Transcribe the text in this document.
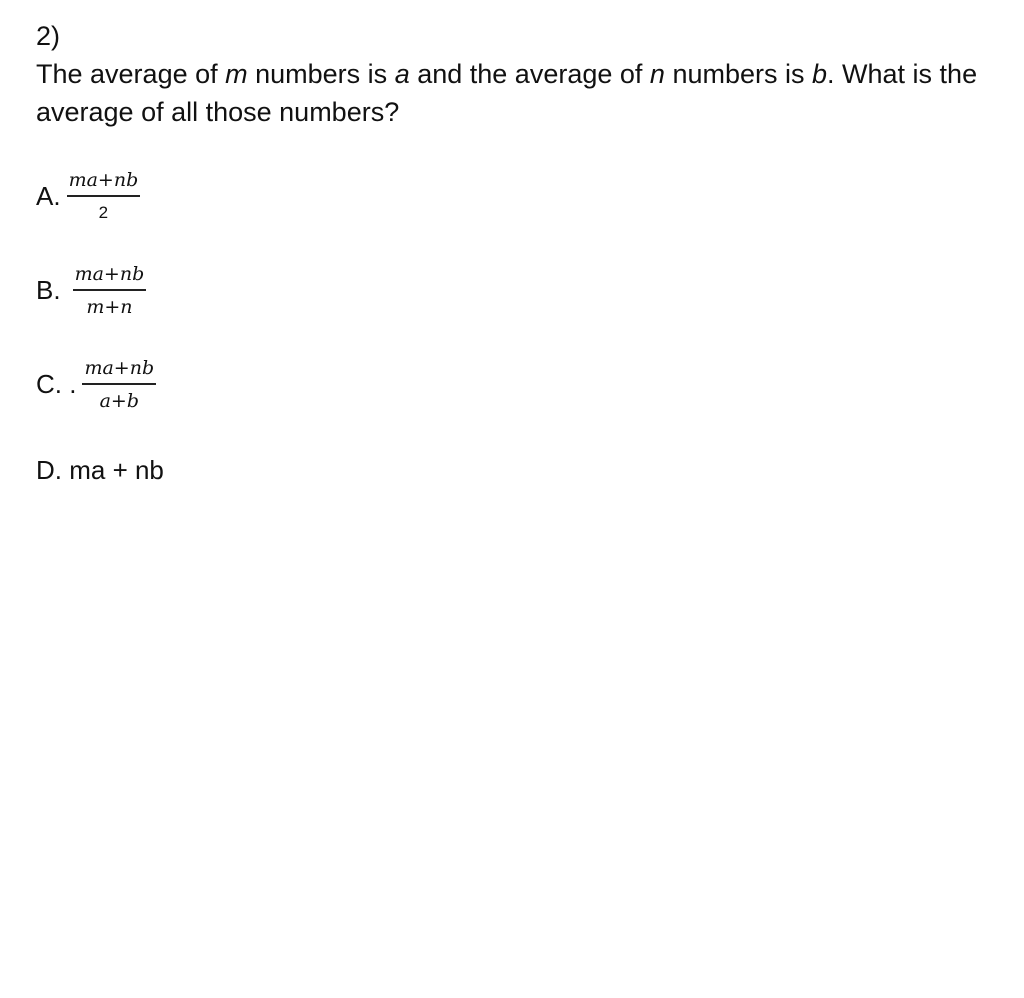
2)
The average of m numbers is a and the average of n numbers is b. What is the average of all those numbers?
A. $\frac{ma+nb}{2}$
B. $\frac{ma+nb}{m+n}$
C. . $\frac{ma+nb}{a+b}$
D. ma + nb
